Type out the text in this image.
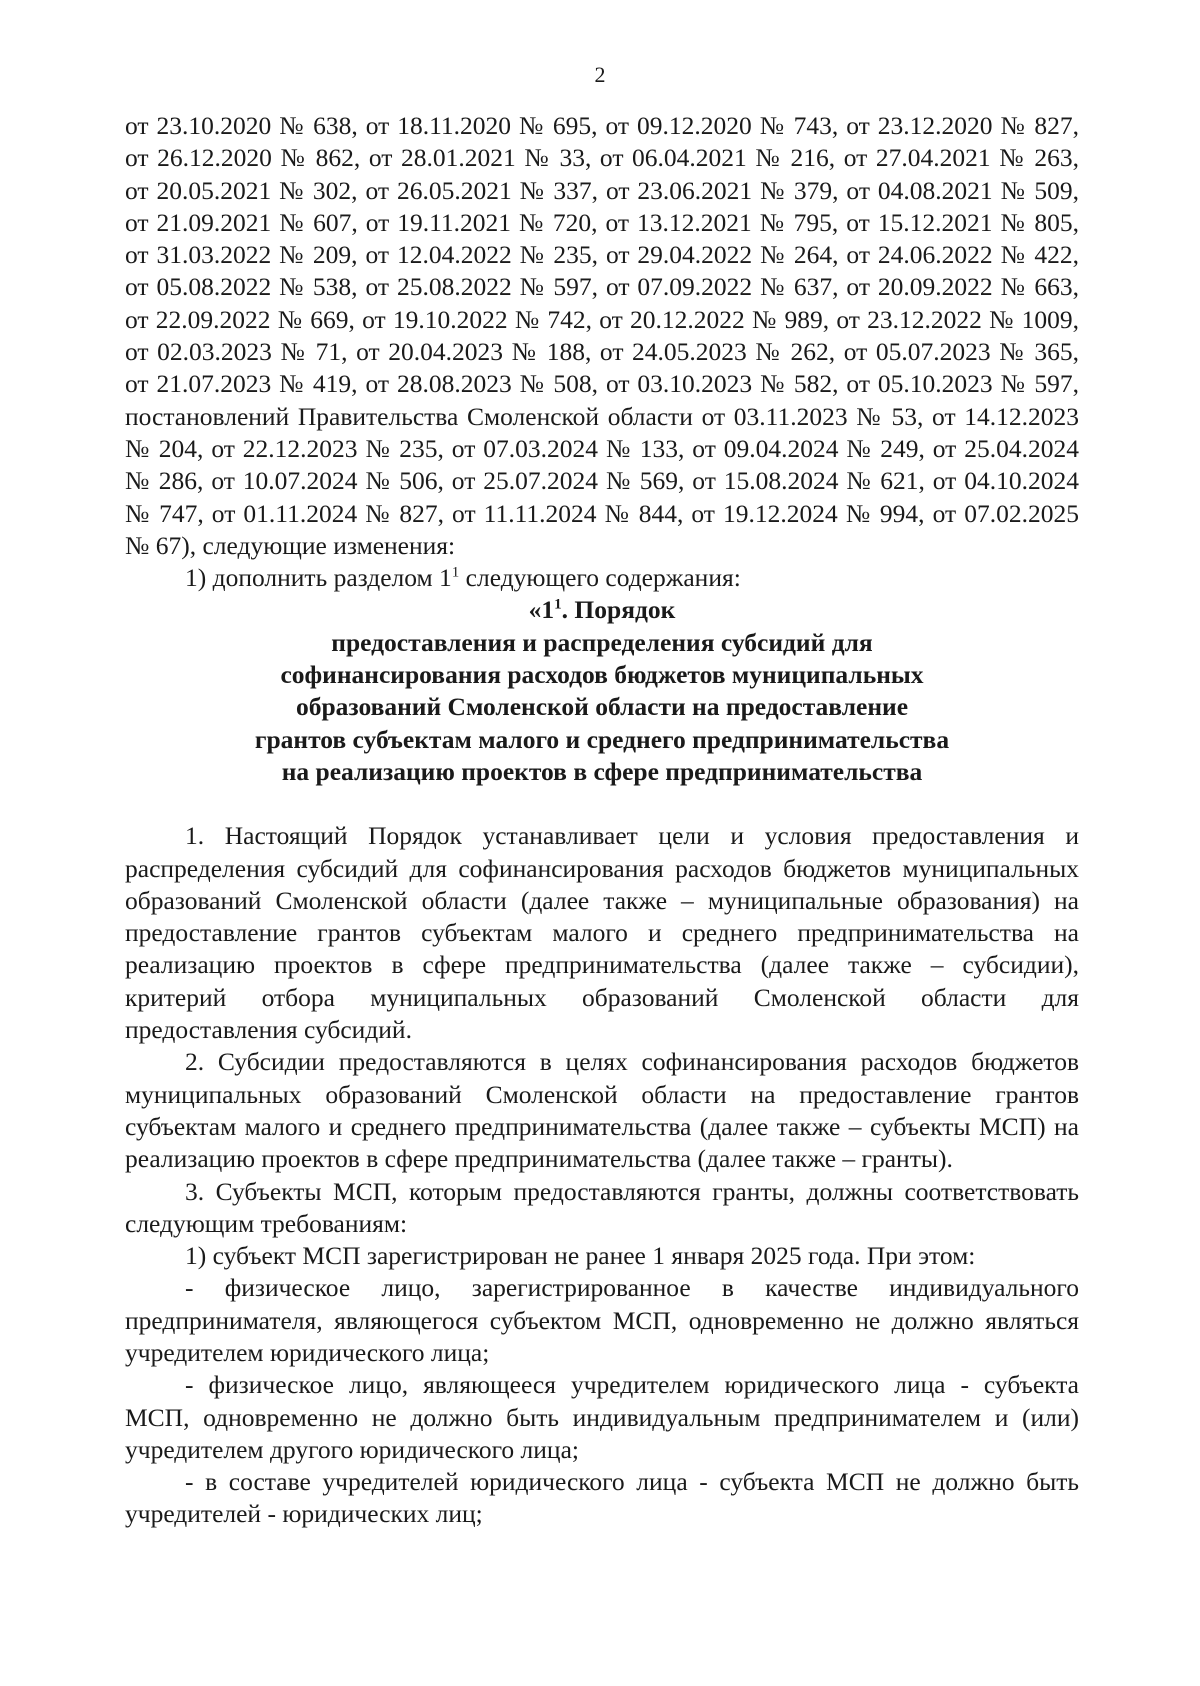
2
от 23.10.2020 № 638, от 18.11.2020 № 695, от 09.12.2020 № 743, от 23.12.2020 № 827,
от 26.12.2020 № 862, от 28.01.2021 № 33, от 06.04.2021 № 216, от 27.04.2021 № 263,
от 20.05.2021 № 302, от 26.05.2021 № 337, от 23.06.2021 № 379, от 04.08.2021 № 509,
от 21.09.2021 № 607, от 19.11.2021 № 720, от 13.12.2021 № 795, от 15.12.2021 № 805,
от 31.03.2022 № 209, от 12.04.2022 № 235, от 29.04.2022 № 264, от 24.06.2022 № 422,
от 05.08.2022 № 538, от 25.08.2022 № 597, от 07.09.2022 № 637, от 20.09.2022 № 663,
от 22.09.2022 № 669, от 19.10.2022 № 742, от 20.12.2022 № 989, от 23.12.2022 № 1009,
от 02.03.2023 № 71, от 20.04.2023 № 188, от 24.05.2023 № 262, от 05.07.2023 № 365,
от 21.07.2023 № 419, от 28.08.2023 № 508, от 03.10.2023 № 582, от 05.10.2023 № 597,
постановлений Правительства Смоленской области от 03.11.2023 № 53, от 14.12.2023
№ 204, от 22.12.2023 № 235, от 07.03.2024 № 133, от 09.04.2024 № 249, от 25.04.2024
№ 286, от 10.07.2024 № 506, от 25.07.2024 № 569, от 15.08.2024 № 621, от 04.10.2024
№ 747, от 01.11.2024 № 827, от 11.11.2024 № 844, от 19.12.2024 № 994, от 07.02.2025
№ 67), следующие изменения:
1) дополнить разделом $1^1$ следующего содержания:
«$1^1$. Порядок
предоставления и распределения субсидий для
софинансирования расходов бюджетов муниципальных
образований Смоленской области на предоставление
грантов субъектам малого и среднего предпринимательства
на реализацию проектов в сфере предпринимательства
1. Настоящий Порядок устанавливает цели и условия предоставления и
распределения субсидий для софинансирования расходов бюджетов муниципальных
образований Смоленской области (далее также – муниципальные образования) на
предоставление грантов субъектам малого и среднего предпринимательства на
реализацию проектов в сфере предпринимательства (далее также – субсидии),
критерий отбора муниципальных образований Смоленской области для
предоставления субсидий.
2. Субсидии предоставляются в целях софинансирования расходов бюджетов
муниципальных образований Смоленской области на предоставление грантов
субъектам малого и среднего предпринимательства (далее также – субъекты МСП) на
реализацию проектов в сфере предпринимательства (далее также – гранты).
3. Субъекты МСП, которым предоставляются гранты, должны соответствовать
следующим требованиям:
1) субъект МСП зарегистрирован не ранее 1 января 2025 года. При этом:
- физическое лицо, зарегистрированное в качестве индивидуального
предпринимателя, являющегося субъектом МСП, одновременно не должно являться
учредителем юридического лица;
- физическое лицо, являющееся учредителем юридического лица - субъекта
МСП, одновременно не должно быть индивидуальным предпринимателем и (или)
учредителем другого юридического лица;
- в составе учредителей юридического лица - субъекта МСП не должно быть
учредителей - юридических лиц;
